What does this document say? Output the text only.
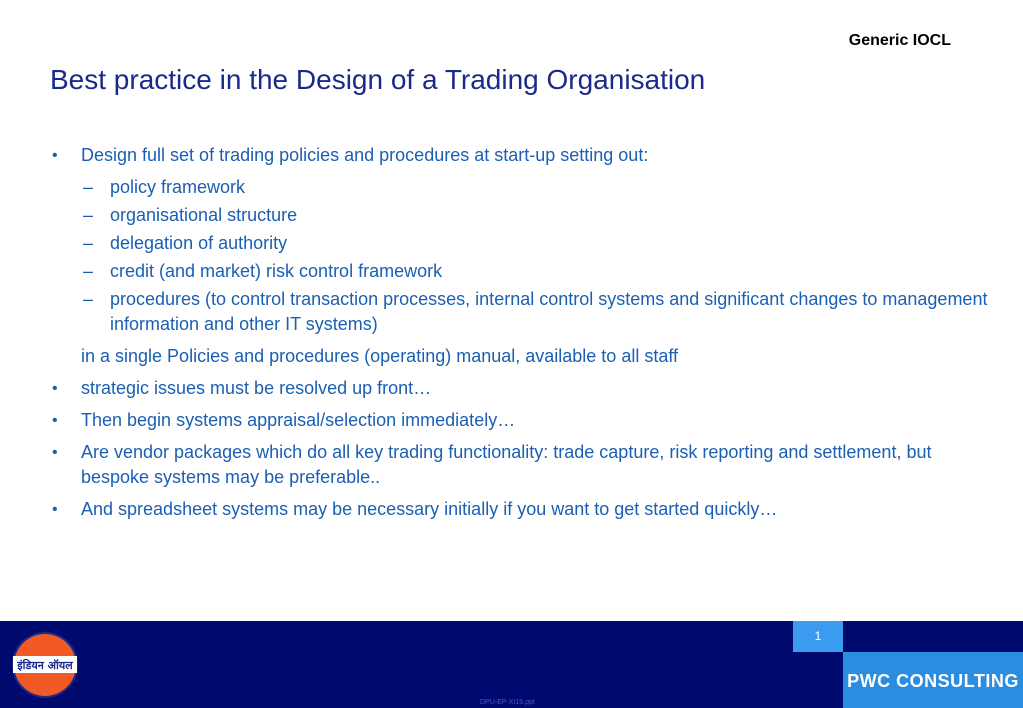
Generic IOCL
Best practice in the Design of a Trading Organisation
• Design full set of trading policies and procedures at start-up setting out:
– policy framework
– organisational structure
– delegation of authority
– credit (and market) risk control framework
– procedures (to control transaction processes, internal control systems and significant changes to management information and other IT systems)
in a single Policies and procedures (operating) manual, available to all staff
• strategic issues must be resolved up front…
• Then begin systems appraisal/selection immediately…
• Are vendor packages which do all key trading functionality: trade capture, risk reporting and settlement, but bespoke systems may be preferable..
• And spreadsheet systems may be necessary initially if you want to get started quickly…
इंडियन ऑयल
1
PWC CONSULTING
DPU-EP-XI15.ppt
